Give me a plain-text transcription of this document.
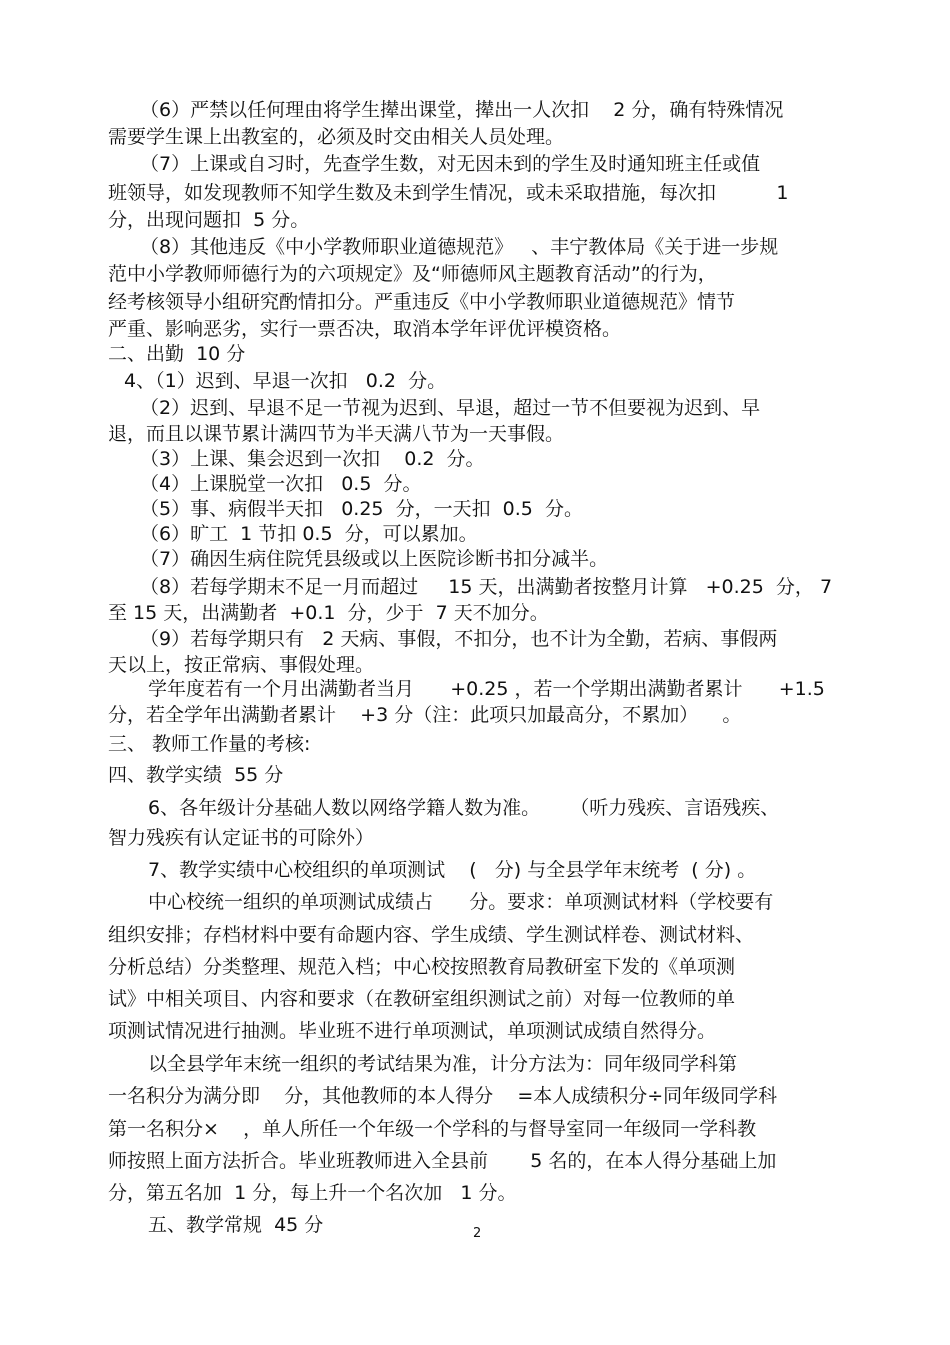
（6）严禁以任何理由将学生撵出课堂，撵出一人次扣    2 分，确有特殊情况

需要学生课上出教室的，必须及时交由相关人员处理。

（7）上课或自习时，先查学生数，对无因未到的学生及时通知班主任或值

班领导，如发现教师不知学生数及未到学生情况，或未采取措施，每次扣          1

分，出现问题扣  5 分。

（8）其他违反《中小学教师职业道德规范》   、丰宁教体局《关于进一步规

范中小学教师师德行为的六项规定》及“师德师风主题教育活动”的行为，

经考核领导小组研究酌情扣分。严重违反《中小学教师职业道德规范》情节

严重、影响恶劣，实行一票否决，取消本学年评优评模资格。

二、出勤  10 分

4、（1）迟到、早退一次扣   0.2  分。

（2）迟到、早退不足一节视为迟到、早退，超过一节不但要视为迟到、早

退，而且以课节累计满四节为半天满八节为一天事假。

（3）上课、集会迟到一次扣    0.2  分。

（4）上课脱堂一次扣   0.5  分。

（5）事、病假半天扣   0.25  分，一天扣  0.5  分。

（6）旷工  1 节扣 0.5  分，可以累加。

（7）确因生病住院凭县级或以上医院诊断书扣分减半。

（8）若每学期末不足一月而超过     15 天，出满勤者按整月计算   +0.25  分， 7

至 15 天，出满勤者  +0.1  分，少于  7 天不加分。

（9）若每学期只有   2 天病、事假，不扣分，也不计为全勤，若病、事假两

天以上，按正常病、事假处理。

学年度若有一个月出满勤者当月      +0.25 ，若一个学期出满勤者累计      +1.5

分，若全学年出满勤者累计    +3 分（注：此项只加最高分，不累加）    。

三、 教师工作量的考核:

四、教学实绩  55 分

6、各年级计分基础人数以网络学籍人数为准。     （听力残疾、言语残疾、

智力残疾有认定证书的可除外）

7、教学实绩中心校组织的单项测试    (   分) 与全县学年末统考  ( 分) 。

中心校统一组织的单项测试成绩占      分。要求：单项测试材料（学校要有

组织安排；存档材料中要有命题内容、学生成绩、学生测试样卷、测试材料、

分析总结）分类整理、规范入档；中心校按照教育局教研室下发的《单项测

试》中相关项目、内容和要求（在教研室组织测试之前）对每一位教师的单

项测试情况进行抽测。毕业班不进行单项测试，单项测试成绩自然得分。

以全县学年末统一组织的考试结果为准，计分方法为：同年级同学科第

一名积分为满分即    分，其他教师的本人得分    =本人成绩积分÷同年级同学科

第一名积分×    ，单人所任一个年级一个学科的与督导室同一年级同一学科教

师按照上面方法折合。毕业班教师进入全县前       5 名的，在本人得分基础上加

分，第五名加  1 分，每上升一个名次加   1 分。

五、教学常规  45 分	2
